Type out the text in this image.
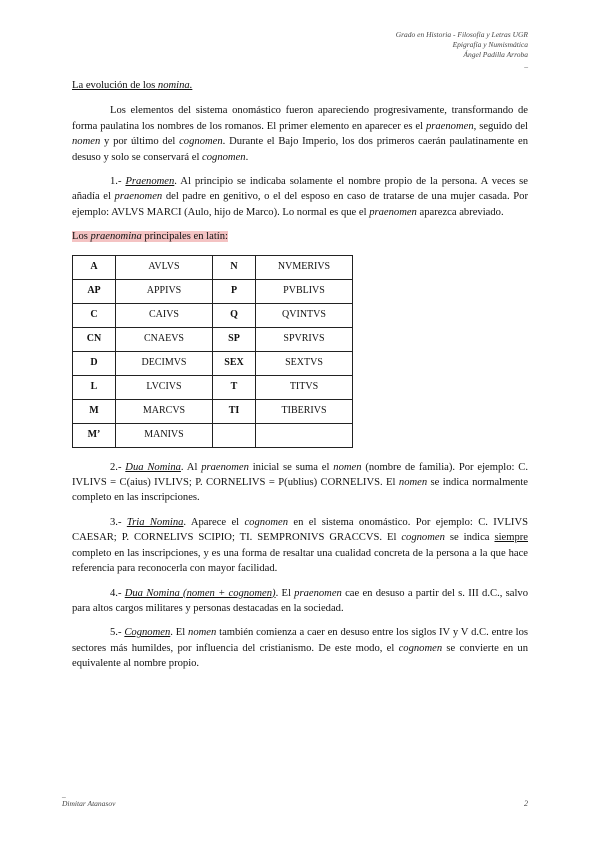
Grado en Historia - Filosofía y Letras UGR
Epigrafía y Numismática
Ángel Padilla Arroba
_
La evolución de los nomina.

Los elementos del sistema onomástico fueron apareciendo progresivamente, transformando de forma paulatina los nombres de los romanos. El primer elemento en aparecer es el praenomen, seguido del nomen y por último del cognomen. Durante el Bajo Imperio, los dos primeros caerán paulatinamente en desuso y solo se conservará el cognomen.

1.- Praenomen. Al principio se indicaba solamente el nombre propio de la persona. A veces se añadía el praenomen del padre en genitivo, o el del esposo en caso de tratarse de una mujer casada. Por ejemplo: AVLVS MARCI (Aulo, hijo de Marco). Lo normal es que el praenomen aparezca abreviado.

Los praenomina principales en latín:
A	AVLVS	N	NVMERIVS
AP	APPIVS	P	PVBLIVS
C	CAIVS	Q	QVINTVS
CN	CNAEVS	SP	SPVRIVS
D	DECIMVS	SEX	SEXTVS
L	LVCIVS	T	TITVS
M	MARCVS	TI	TIBERIVS
M’	MANIVS		

2.- Dua Nomina. Al praenomen inicial se suma el nomen (nombre de familia). Por ejemplo: C. IVLIVS = C(aius) IVLIVS; P. CORNELIVS = P(ublius) CORNELIVS. El nomen se indica normalmente completo en las inscripciones.

3.- Tria Nomina. Aparece el cognomen en el sistema onomástico. Por ejemplo: C. IVLIVS CAESAR; P. CORNELIVS SCIPIO; TI. SEMPRONIVS GRACCVS. El cognomen se indica siempre completo en las inscripciones, y es una forma de resaltar una cualidad concreta de la persona a la que hace referencia para reconocerla con mayor facilidad.

4.- Dua Nomina (nomen + cognomen). El praenomen cae en desuso a partir del s. III d.C., salvo para altos cargos militares y personas destacadas en la sociedad.

5.- Cognomen. El nomen también comienza a caer en desuso entre los siglos IV y V d.C. entre los sectores más humildes, por influencia del cristianismo. De este modo, el cognomen se convierte en un equivalente al nombre propio.

_
Dimitar Atanasov	2
